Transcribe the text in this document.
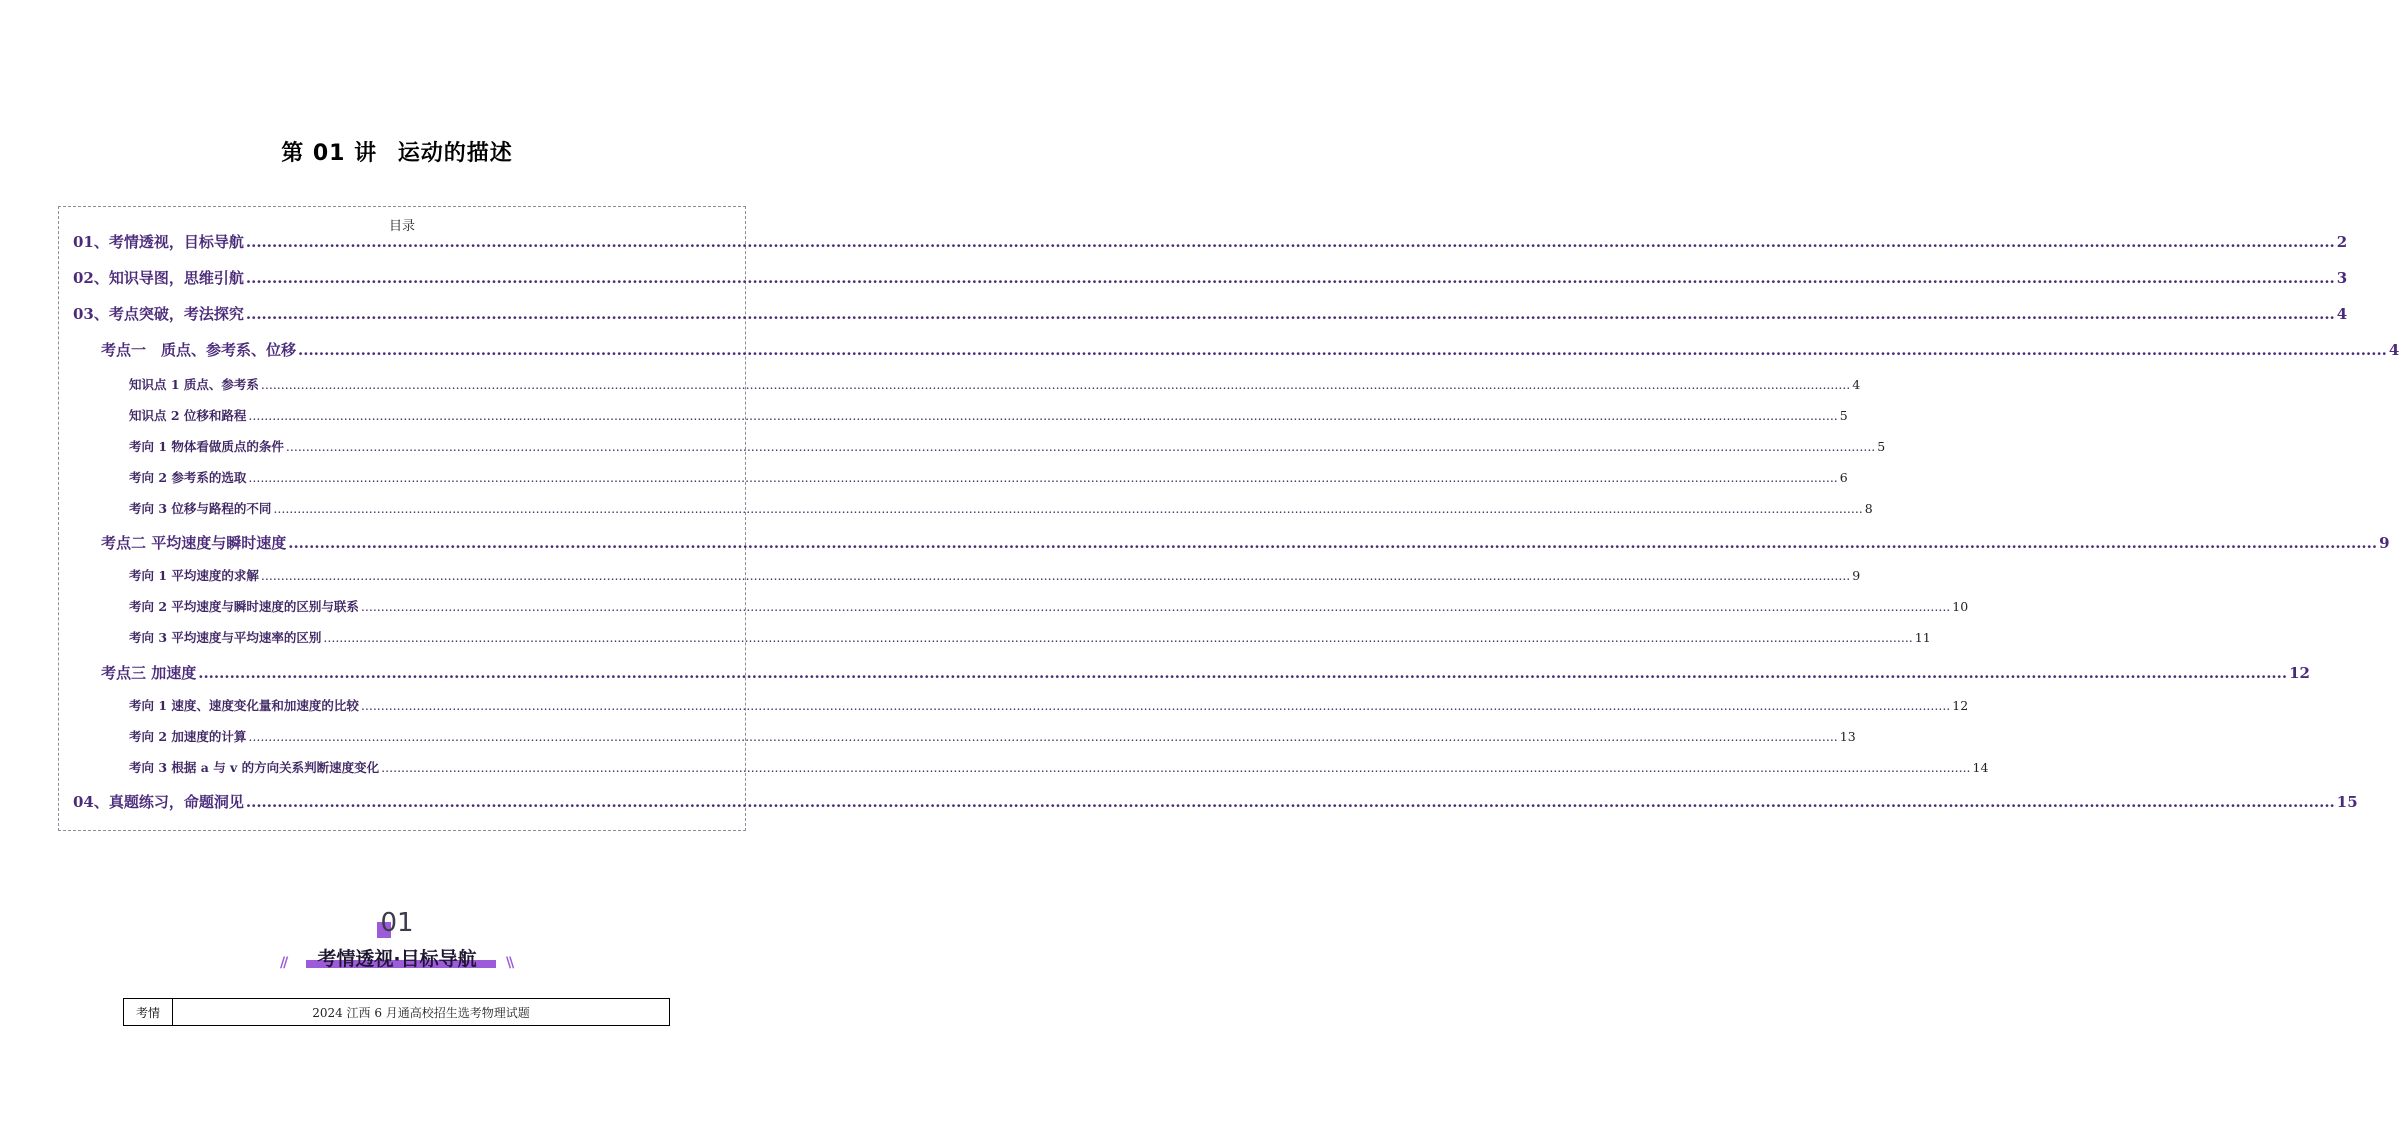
第 01 讲 运动的描述
目录
01、考情透视，目标导航 ................................................................................................................................................................................................................................................................................................................................................................................................................ 2
02、知识导图，思维引航 ................................................................................................................................................................................................................................................................................................................................................................................................................ 3
03、考点突破，考法探究 ................................................................................................................................................................................................................................................................................................................................................................................................................ 4
考点一　质点、参考系、位移 ................................................................................................................................................................................................................................................................................................................................................................................................................ 4
知识点 1 质点、参考系 ................................................................................................................................................................................................................................................................................................................................................................................................................ 4
知识点 2 位移和路程 ................................................................................................................................................................................................................................................................................................................................................................................................................ 5
考向 1 物体看做质点的条件 ................................................................................................................................................................................................................................................................................................................................................................................................................ 5
考向 2 参考系的选取 ................................................................................................................................................................................................................................................................................................................................................................................................................ 6
考向 3 位移与路程的不同 ................................................................................................................................................................................................................................................................................................................................................................................................................ 8
考点二 平均速度与瞬时速度 ................................................................................................................................................................................................................................................................................................................................................................................................................ 9
考向 1 平均速度的求解 ................................................................................................................................................................................................................................................................................................................................................................................................................ 9
考向 2 平均速度与瞬时速度的区别与联系 ................................................................................................................................................................................................................................................................................................................................................................................................................ 10
考向 3 平均速度与平均速率的区别 ................................................................................................................................................................................................................................................................................................................................................................................................................ 11
考点三 加速度 ................................................................................................................................................................................................................................................................................................................................................................................................................ 12
考向 1 速度、速度变化量和加速度的比较 ................................................................................................................................................................................................................................................................................................................................................................................................................ 12
考向 2 加速度的计算 ................................................................................................................................................................................................................................................................................................................................................................................................................ 13
考向 3 根据 a 与 v 的方向关系判断速度变化 ................................................................................................................................................................................................................................................................................................................................................................................................................ 14
04、真题练习，命题洞见 ................................................................................................................................................................................................................................................................................................................................................................................................................ 15
01
//	考情透视·目标导航	\\
考情	2024 江西 6 月通高校招生选考物理试题
